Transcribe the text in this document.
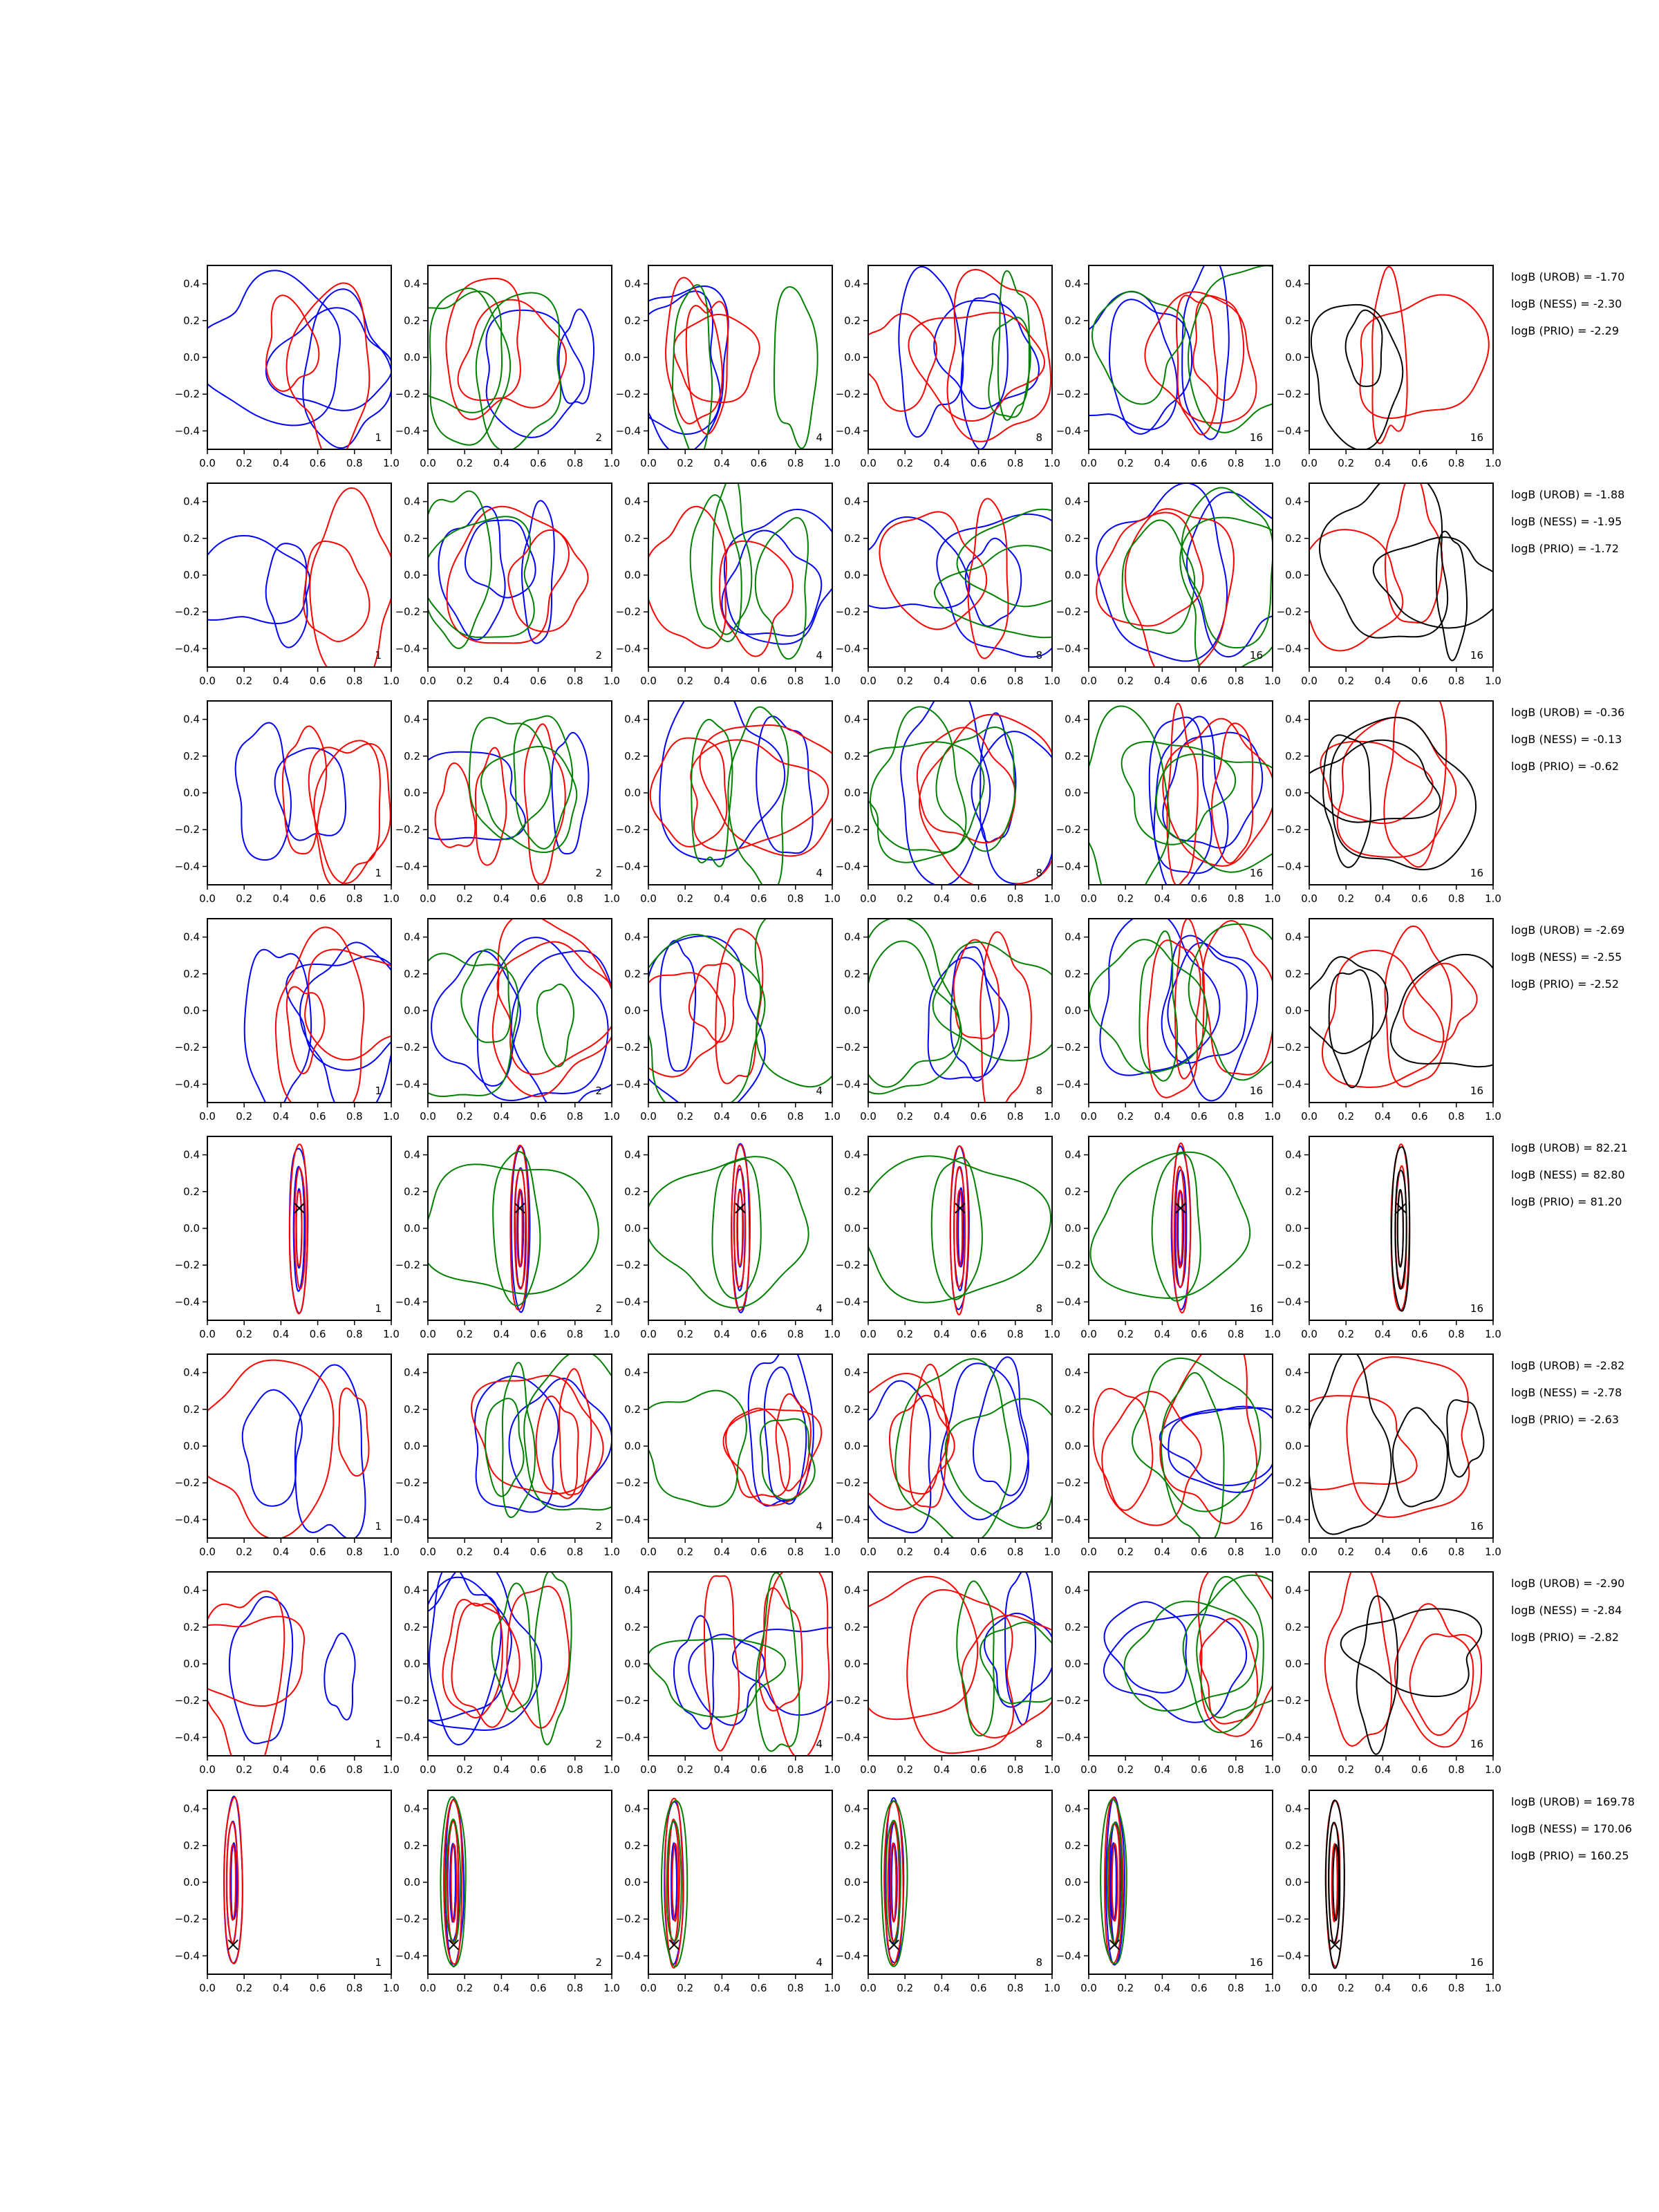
0.0 0.2 0.4 0.6 0.8 1.0
0.4
0.2
0.0
−0.2
−0.4
1
0.0 0.2 0.4 0.6 0.8 1.0
0.4
0.2
0.0
−0.2
−0.4
2
0.0 0.2 0.4 0.6 0.8 1.0
0.4
0.2
0.0
−0.2
−0.4
4
0.0 0.2 0.4 0.6 0.8 1.0
0.4
0.2
0.0
−0.2
−0.4
8
0.0 0.2 0.4 0.6 0.8 1.0
0.4
0.2
0.0
−0.2
−0.4
16
0.0 0.2 0.4 0.6 0.8 1.0
0.4
0.2
0.0
−0.2
−0.4
16
logB (UROB) = -1.70
logB (NESS) = -2.30
logB (PRIO) = -2.29
0.0 0.2 0.4 0.6 0.8 1.0
0.4
0.2
0.0
−0.2
−0.4
1
0.0 0.2 0.4 0.6 0.8 1.0
0.4
0.2
0.0
−0.2
−0.4
2
0.0 0.2 0.4 0.6 0.8 1.0
0.4
0.2
0.0
−0.2
−0.4
4
0.0 0.2 0.4 0.6 0.8 1.0
0.4
0.2
0.0
−0.2
−0.4
8
0.0 0.2 0.4 0.6 0.8 1.0
0.4
0.2
0.0
−0.2
−0.4
16
0.0 0.2 0.4 0.6 0.8 1.0
0.4
0.2
0.0
−0.2
−0.4
16
logB (UROB) = -1.88
logB (NESS) = -1.95
logB (PRIO) = -1.72
0.0 0.2 0.4 0.6 0.8 1.0
0.4
0.2
0.0
−0.2
−0.4
1
0.0 0.2 0.4 0.6 0.8 1.0
0.4
0.2
0.0
−0.2
−0.4
2
0.0 0.2 0.4 0.6 0.8 1.0
0.4
0.2
0.0
−0.2
−0.4
4
0.0 0.2 0.4 0.6 0.8 1.0
0.4
0.2
0.0
−0.2
−0.4
8
0.0 0.2 0.4 0.6 0.8 1.0
0.4
0.2
0.0
−0.2
−0.4
16
0.0 0.2 0.4 0.6 0.8 1.0
0.4
0.2
0.0
−0.2
−0.4
16
logB (UROB) = -0.36
logB (NESS) = -0.13
logB (PRIO) = -0.62
0.0 0.2 0.4 0.6 0.8 1.0
0.4
0.2
0.0
−0.2
−0.4
1
0.0 0.2 0.4 0.6 0.8 1.0
0.4
0.2
0.0
−0.2
−0.4
2
0.0 0.2 0.4 0.6 0.8 1.0
0.4
0.2
0.0
−0.2
−0.4
4
0.0 0.2 0.4 0.6 0.8 1.0
0.4
0.2
0.0
−0.2
−0.4
8
0.0 0.2 0.4 0.6 0.8 1.0
0.4
0.2
0.0
−0.2
−0.4
16
0.0 0.2 0.4 0.6 0.8 1.0
0.4
0.2
0.0
−0.2
−0.4
16
logB (UROB) = -2.69
logB (NESS) = -2.55
logB (PRIO) = -2.52
0.0 0.2 0.4 0.6 0.8 1.0
0.4
0.2
0.0
−0.2
−0.4
1
0.0 0.2 0.4 0.6 0.8 1.0
0.4
0.2
0.0
−0.2
−0.4
2
0.0 0.2 0.4 0.6 0.8 1.0
0.4
0.2
0.0
−0.2
−0.4
4
0.0 0.2 0.4 0.6 0.8 1.0
0.4
0.2
0.0
−0.2
−0.4
8
0.0 0.2 0.4 0.6 0.8 1.0
0.4
0.2
0.0
−0.2
−0.4
16
0.0 0.2 0.4 0.6 0.8 1.0
0.4
0.2
0.0
−0.2
−0.4
16
logB (UROB) = 82.21
logB (NESS) = 82.80
logB (PRIO) = 81.20
0.0 0.2 0.4 0.6 0.8 1.0
0.4
0.2
0.0
−0.2
−0.4
1
0.0 0.2 0.4 0.6 0.8 1.0
0.4
0.2
0.0
−0.2
−0.4
2
0.0 0.2 0.4 0.6 0.8 1.0
0.4
0.2
0.0
−0.2
−0.4
4
0.0 0.2 0.4 0.6 0.8 1.0
0.4
0.2
0.0
−0.2
−0.4
8
0.0 0.2 0.4 0.6 0.8 1.0
0.4
0.2
0.0
−0.2
−0.4
16
0.0 0.2 0.4 0.6 0.8 1.0
0.4
0.2
0.0
−0.2
−0.4
16
logB (UROB) = -2.82
logB (NESS) = -2.78
logB (PRIO) = -2.63
0.0 0.2 0.4 0.6 0.8 1.0
0.4
0.2
0.0
−0.2
−0.4
1
0.0 0.2 0.4 0.6 0.8 1.0
0.4
0.2
0.0
−0.2
−0.4
2
0.0 0.2 0.4 0.6 0.8 1.0
0.4
0.2
0.0
−0.2
−0.4
4
0.0 0.2 0.4 0.6 0.8 1.0
0.4
0.2
0.0
−0.2
−0.4
8
0.0 0.2 0.4 0.6 0.8 1.0
0.4
0.2
0.0
−0.2
−0.4
16
0.0 0.2 0.4 0.6 0.8 1.0
0.4
0.2
0.0
−0.2
−0.4
16
logB (UROB) = -2.90
logB (NESS) = -2.84
logB (PRIO) = -2.82
0.0 0.2 0.4 0.6 0.8 1.0
0.4
0.2
0.0
−0.2
−0.4
1
0.0 0.2 0.4 0.6 0.8 1.0
0.4
0.2
0.0
−0.2
−0.4
2
0.0 0.2 0.4 0.6 0.8 1.0
0.4
0.2
0.0
−0.2
−0.4
4
0.0 0.2 0.4 0.6 0.8 1.0
0.4
0.2
0.0
−0.2
−0.4
8
0.0 0.2 0.4 0.6 0.8 1.0
0.4
0.2
0.0
−0.2
−0.4
16
0.0 0.2 0.4 0.6 0.8 1.0
0.4
0.2
0.0
−0.2
−0.4
16
logB (UROB) = 169.78
logB (NESS) = 170.06
logB (PRIO) = 160.25
